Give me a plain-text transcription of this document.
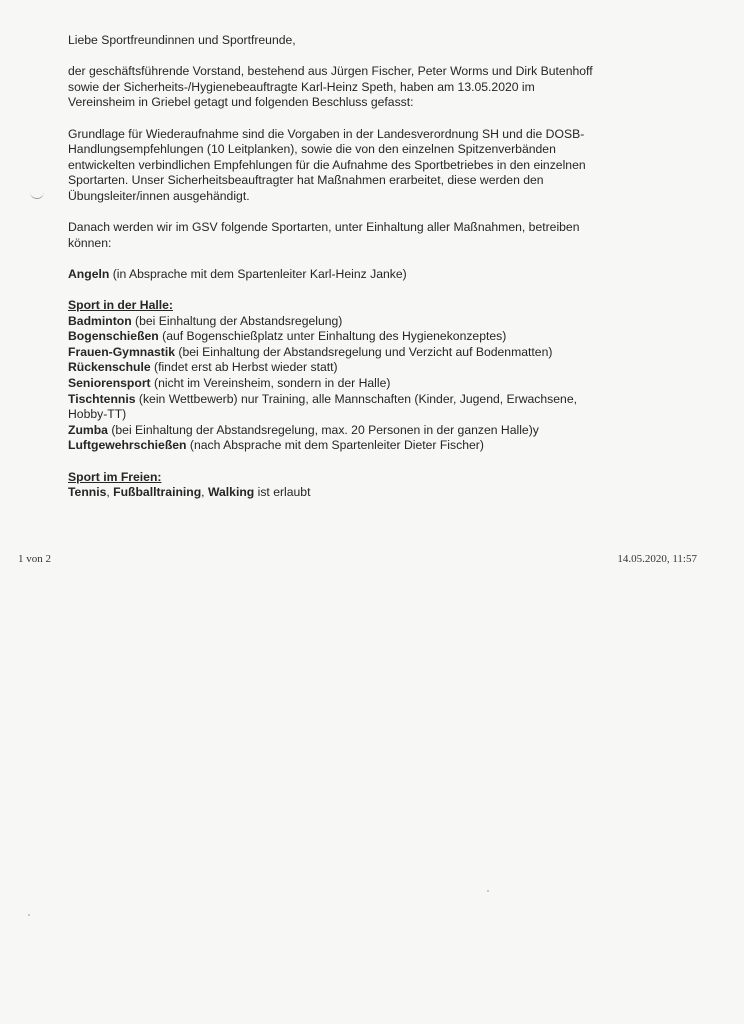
Liebe Sportfreundinnen und Sportfreunde,

der geschäftsführende Vorstand, bestehend aus Jürgen Fischer, Peter Worms und Dirk Butenhoff

sowie der Sicherheits-/Hygienebeauftragte Karl-Heinz Speth, haben am 13.05.2020 im

Vereinsheim in Griebel getagt und folgenden Beschluss gefasst:

Grundlage für Wiederaufnahme sind die Vorgaben in der Landesverordnung SH und die DOSB-

Handlungsempfehlungen (10 Leitplanken), sowie die von den einzelnen Spitzenverbänden

entwickelten verbindlichen Empfehlungen für die Aufnahme des Sportbetriebes in den einzelnen

Sportarten. Unser Sicherheitsbeauftragter hat Maßnahmen erarbeitet, diese werden den

Übungsleiter/innen ausgehändigt.

Danach werden wir im GSV folgende Sportarten, unter Einhaltung aller Maßnahmen, betreiben

können:

Angeln (in Absprache mit dem Spartenleiter Karl-Heinz Janke)

Sport in der Halle:

Badminton (bei Einhaltung der Abstandsregelung)

Bogenschießen (auf Bogenschießplatz unter Einhaltung des Hygienekonzeptes)

Frauen-Gymnastik (bei Einhaltung der Abstandsregelung und Verzicht auf Bodenmatten)

Rückenschule (findet erst ab Herbst wieder statt)

Seniorensport (nicht im Vereinsheim, sondern in der Halle)

Tischtennis (kein Wettbewerb) nur Training, alle Mannschaften (Kinder, Jugend, Erwachsene,

Hobby-TT)

Zumba (bei Einhaltung der Abstandsregelung, max. 20 Personen in der ganzen Halle)y

Luftgewehrschießen (nach Absprache mit dem Spartenleiter Dieter Fischer)

Sport im Freien:

Tennis, Fußballtraining, Walking ist erlaubt

1 von 2	14.05.2020, 11:57
